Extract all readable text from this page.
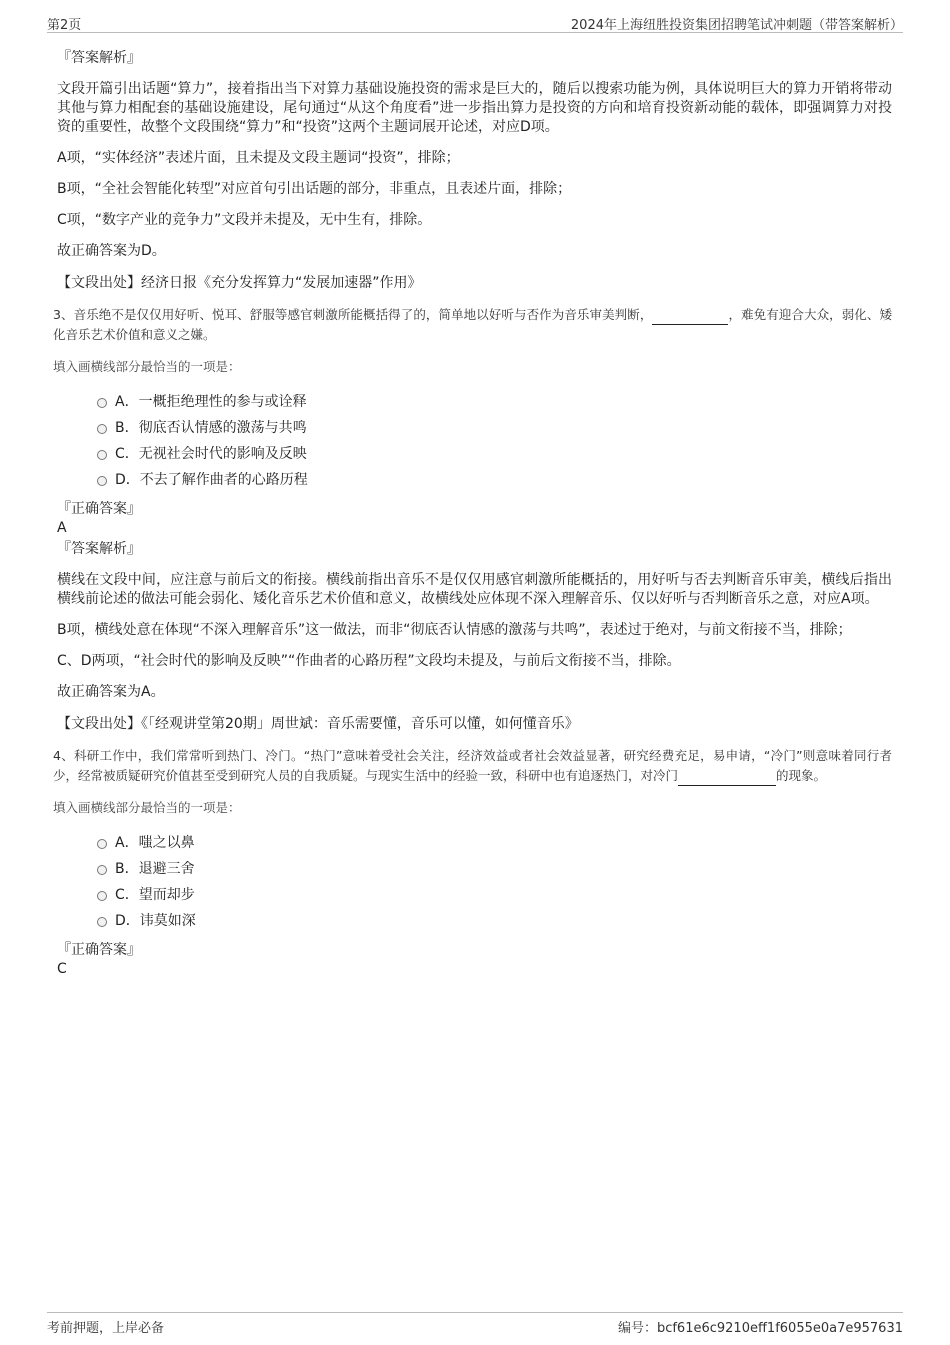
第2页	2024年上海纽胜投资集团招聘笔试冲刺题（带答案解析）

『答案解析』

文段开篇引出话题“算力”，接着指出当下对算力基础设施投资的需求是巨大的，随后以搜索功能为例，具体说明巨大的算力开销将带动其他与算力相配套的基础设施建设，尾句通过“从这个角度看”进一步指出算力是投资的方向和培育投资新动能的载体，即强调算力对投资的重要性，故整个文段围绕“算力”和“投资”这两个主题词展开论述，对应D项。

A项，“实体经济”表述片面，且未提及文段主题词“投资”，排除；

B项，“全社会智能化转型”对应首句引出话题的部分，非重点，且表述片面，排除；

C项，“数字产业的竞争力”文段并未提及，无中生有，排除。

故正确答案为D。

【文段出处】经济日报《充分发挥算力“发展加速器”作用》

3、音乐绝不是仅仅用好听、悦耳、舒服等感官刺激所能概括得了的，简单地以好听与否作为音乐审美判断，	，难免有迎合大众，弱化、矮化音乐艺术价值和意义之嫌。

填入画横线部分最恰当的一项是：

A．一概拒绝理性的参与或诠释
B．彻底否认情感的激荡与共鸣
C．无视社会时代的影响及反映
D．不去了解作曲者的心路历程

『正确答案』

A

『答案解析』

横线在文段中间，应注意与前后文的衔接。横线前指出音乐不是仅仅用感官刺激所能概括的，用好听与否去判断音乐审美，横线后指出横线前论述的做法可能会弱化、矮化音乐艺术价值和意义，故横线处应体现不深入理解音乐、仅以好听与否判断音乐之意，对应A项。

B项，横线处意在体现“不深入理解音乐”这一做法，而非“彻底否认情感的激荡与共鸣”，表述过于绝对，与前文衔接不当，排除；

C、D两项，“社会时代的影响及反映”“作曲者的心路历程”文段均未提及，与前后文衔接不当，排除。

故正确答案为A。

【文段出处】《「经观讲堂第20期」周世斌：音乐需要懂，音乐可以懂，如何懂音乐》

4、科研工作中，我们常常听到热门、冷门。“热门”意味着受社会关注，经济效益或者社会效益显著，研究经费充足，易申请，“冷门”则意味着同行者少，经常被质疑研究价值甚至受到研究人员的自我质疑。与现实生活中的经验一致，科研中也有追逐热门，对冷门	的现象。

填入画横线部分最恰当的一项是：

A．嗤之以鼻
B．退避三舍
C．望而却步
D．讳莫如深

『正确答案』

C

考前押题，上岸必备	编号：bcf61e6c9210eff1f6055e0a7e957631
